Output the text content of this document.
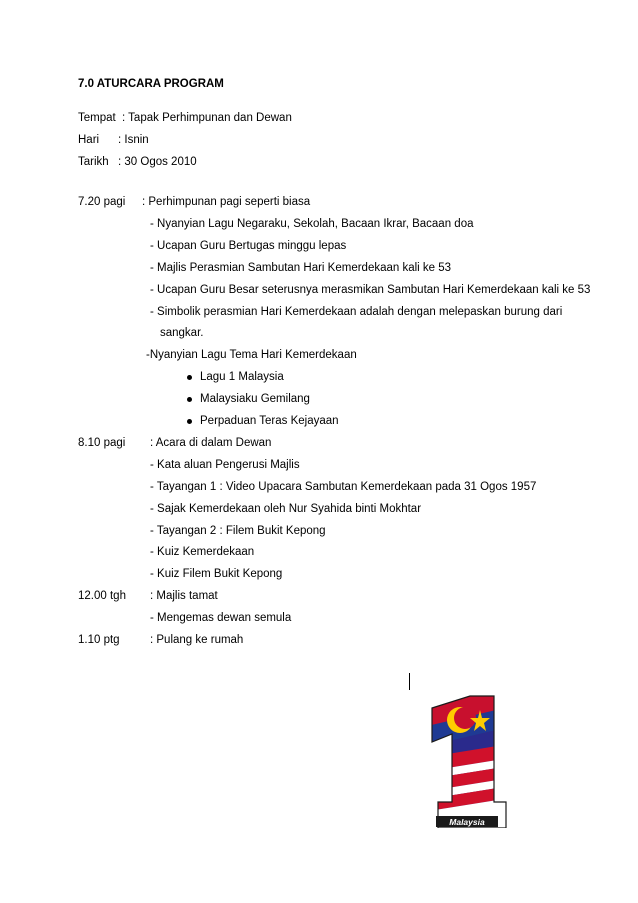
7.0 ATURCARA PROGRAM
Tempat : Tapak Perhimpunan dan Dewan
Hari : Isnin
Tarikh : 30 Ogos 2010
7.20 pagi : Perhimpunan pagi seperti biasa
- Nyanyian Lagu Negaraku, Sekolah, Bacaan Ikrar, Bacaan doa
- Ucapan Guru Bertugas minggu lepas
- Majlis Perasmian Sambutan Hari Kemerdekaan kali ke 53
- Ucapan Guru Besar seterusnya merasmikan Sambutan Hari Kemerdekaan kali ke 53
- Simbolik perasmian Hari Kemerdekaan adalah dengan melepaskan burung dari
sangkar.
-Nyanyian Lagu Tema Hari Kemerdekaan
Lagu 1 Malaysia
Malaysiaku Gemilang
Perpaduan Teras Kejayaan
8.10 pagi : Acara di dalam Dewan
- Kata aluan Pengerusi Majlis
- Tayangan 1 : Video Upacara Sambutan Kemerdekaan pada 31 Ogos 1957
- Sajak Kemerdekaan oleh Nur Syahida binti Mokhtar
- Tayangan 2 : Filem Bukit Kepong
- Kuiz Kemerdekaan
- Kuiz Filem Bukit Kepong
12.00 tgh : Majlis tamat
- Mengemas dewan semula
1.10 ptg	: Pulang ke rumah
Malaysia
